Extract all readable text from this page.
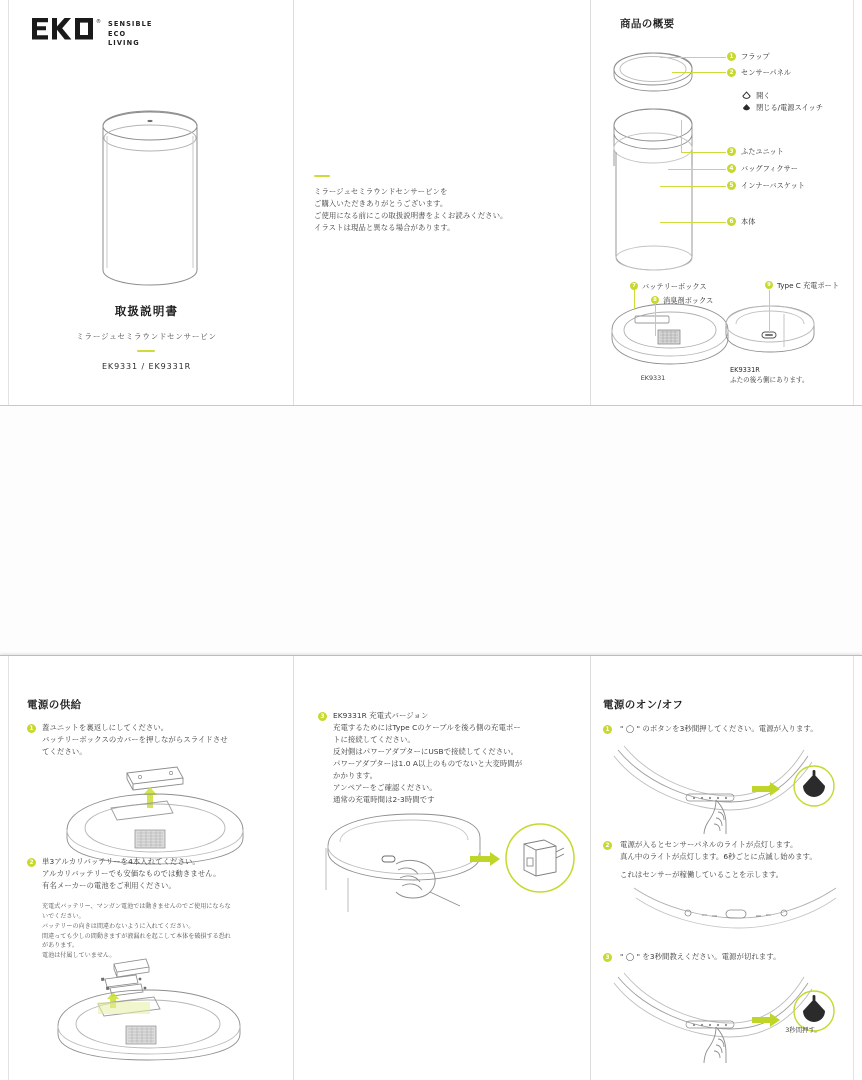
® SENSIBLE
ECO
LIVING
取扱説明書
ミラージュセミラウンドセンサービン
EK9331 / EK9331R
ミラージュセミラウンドセンサービンを
ご購入いただきありがとうございます。
ご使用になる前にこの取扱説明書をよくお読みください。
イラストは現品と異なる場合があります。
商品の概要
1	フラップ
2	センサーパネル
開く
閉じる/電源スイッチ
3	ふたユニット
4	バッグフィクサー
5	インナーバスケット
6	本体
7 バッテリーボックス
8 消臭剤ボックス
EK9331
9 Type C 充電ポート
EK9331R
ふたの後ろ側にあります。
電源の供給
1	蓋ユニットを裏返しにしてください。
バッテリーボックスのカバーを押しながらスライドさせ
てください。
2	単3アルカリバッテリーを4本入れてください。
アルカリバッテリーでも安価なものでは動きません。
有名メーカーの電池をご利用ください。
充電式バッテリー、マンガン電池では動きませんのでご使用にならな
いでください。
バッテリーの向きは間違わないように入れてください。
間違っても少しの間動きますが液漏れを起こして本体を破損する恐れ
があります。
電池は付属していません。
3	EK9331R 充電式バージョン
充電するためにはType Cのケーブルを後ろ側の充電ポー
トに接続してください。
反対側はパワーアダプターにUSBで接続してください。
パワーアダプターは1.0 A以上のものでないと大変時間が
かかります。
アンペアーをご確認ください。
通常の充電時間は2-3時間です
電源のオン/オフ
1	" ◯ " のボタンを3秒間押してください。電源が入ります。
2	電源が入るとセンサーパネルのライトが点灯します。
真ん中のライトが点灯します。6秒ごとに点滅し始めます。
これはセンサーが稼働していることを示します。
3	" ◯ " を3秒間教えください。電源が切れます。
3秒間押す。
